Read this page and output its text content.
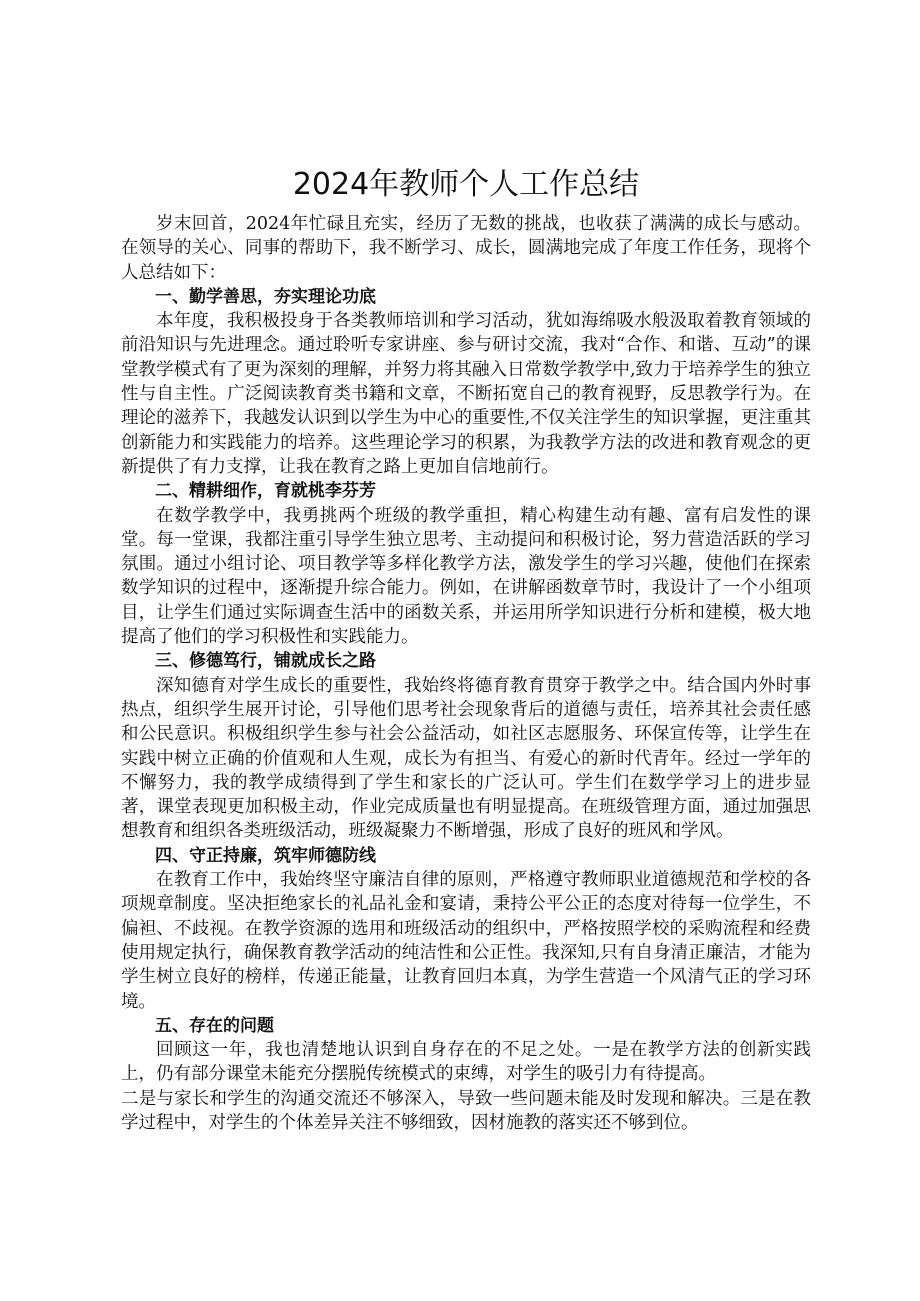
2024年教师个人工作总结

岁末回首，2024年忙碌且充实，经历了无数的挑战，也收获了满满的成长与感动。在领导的关心、同事的帮助下，我不断学习、成长，圆满地完成了年度工作任务，现将个人总结如下：

一、勤学善思，夯实理论功底

本年度，我积极投身于各类教师培训和学习活动，犹如海绵吸水般汲取着教育领域的前沿知识与先进理念。通过聆听专家讲座、参与研讨交流，我对“合作、和谐、互动”的课堂教学模式有了更为深刻的理解，并努力将其融入日常数学教学中,致力于培养学生的独立性与自主性。广泛阅读教育类书籍和文章，不断拓宽自己的教育视野，反思教学行为。在理论的滋养下，我越发认识到以学生为中心的重要性,不仅关注学生的知识掌握，更注重其创新能力和实践能力的培养。这些理论学习的积累，为我教学方法的改进和教育观念的更新提供了有力支撑，让我在教育之路上更加自信地前行。

二、精耕细作，育就桃李芬芳

在数学教学中，我勇挑两个班级的教学重担，精心构建生动有趣、富有启发性的课堂。每一堂课，我都注重引导学生独立思考、主动提问和积极讨论，努力营造活跃的学习氛围。通过小组讨论、项目教学等多样化教学方法，激发学生的学习兴趣，使他们在探索数学知识的过程中，逐渐提升综合能力。例如，在讲解函数章节时，我设计了一个小组项目，让学生们通过实际调查生活中的函数关系，并运用所学知识进行分析和建模，极大地提高了他们的学习积极性和实践能力。

三、修德笃行，铺就成长之路

深知德育对学生成长的重要性，我始终将德育教育贯穿于教学之中。结合国内外时事热点，组织学生展开讨论，引导他们思考社会现象背后的道德与责任，培养其社会责任感和公民意识。积极组织学生参与社会公益活动，如社区志愿服务、环保宣传等，让学生在实践中树立正确的价值观和人生观，成长为有担当、有爱心的新时代青年。经过一学年的不懈努力，我的教学成绩得到了学生和家长的广泛认可。学生们在数学学习上的进步显著，课堂表现更加积极主动，作业完成质量也有明显提高。在班级管理方面，通过加强思想教育和组织各类班级活动，班级凝聚力不断增强，形成了良好的班风和学风。

四、守正持廉，筑牢师德防线

在教育工作中，我始终坚守廉洁自律的原则，严格遵守教师职业道德规范和学校的各项规章制度。坚决拒绝家长的礼品礼金和宴请，秉持公平公正的态度对待每一位学生，不偏袒、不歧视。在教学资源的选用和班级活动的组织中，严格按照学校的采购流程和经费使用规定执行，确保教育教学活动的纯洁性和公正性。我深知,只有自身清正廉洁，才能为学生树立良好的榜样，传递正能量，让教育回归本真，为学生营造一个风清气正的学习环境。

五、存在的问题

回顾这一年，我也清楚地认识到自身存在的不足之处。一是在教学方法的创新实践上，仍有部分课堂未能充分摆脱传统模式的束缚，对学生的吸引力有待提高。

二是与家长和学生的沟通交流还不够深入，导致一些问题未能及时发现和解决。三是在教学过程中，对学生的个体差异关注不够细致，因材施教的落实还不够到位。
